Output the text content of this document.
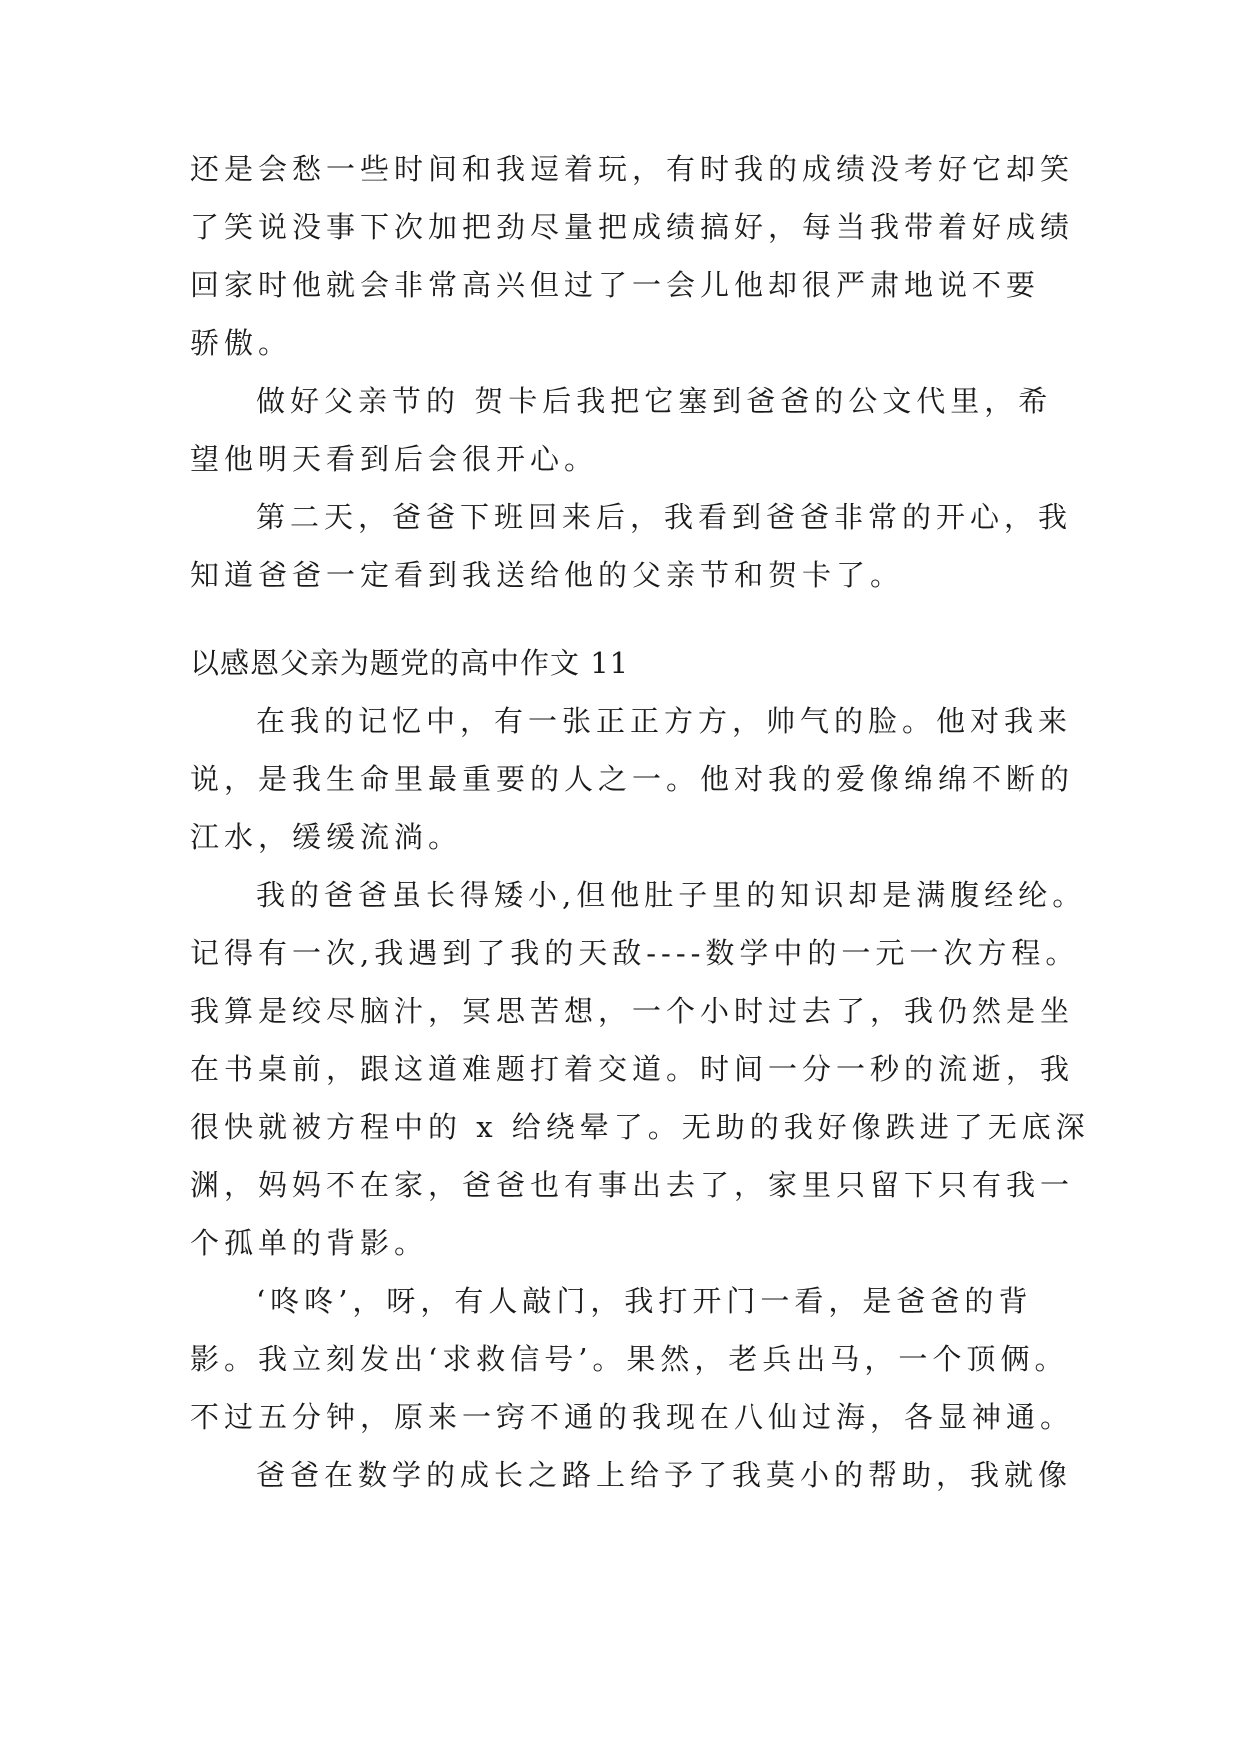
还是会愁一些时间和我逗着玩，有时我的成绩没考好它却笑
了笑说没事下次加把劲尽量把成绩搞好，每当我带着好成绩
回家时他就会非常高兴但过了一会儿他却很严肃地说不要
骄傲。
做好父亲节的 贺卡后我把它塞到爸爸的公文代里，希
望他明天看到后会很开心。
第二天，爸爸下班回来后，我看到爸爸非常的开心，我
知道爸爸一定看到我送给他的父亲节和贺卡了。
以感恩父亲为题党的高中作文 11
在我的记忆中，有一张正正方方，帅气的脸。他对我来
说，是我生命里最重要的人之一。他对我的爱像绵绵不断的
江水，缓缓流淌。
我的爸爸虽长得矮小,但他肚子里的知识却是满腹经纶。
记得有一次,我遇到了我的天敌----数学中的一元一次方程。
我算是绞尽脑汁，冥思苦想，一个小时过去了，我仍然是坐
在书桌前，跟这道难题打着交道。时间一分一秒的流逝，我
很快就被方程中的 x 给绕晕了。无助的我好像跌进了无底深
渊，妈妈不在家，爸爸也有事出去了，家里只留下只有我一
个孤单的背影。
‘咚咚’，呀，有人敲门，我打开门一看，是爸爸的背
影。我立刻发出‘求救信号’。果然，老兵出马，一个顶俩。
不过五分钟，原来一窍不通的我现在八仙过海，各显神通。
爸爸在数学的成长之路上给予了我莫小的帮助，我就像
